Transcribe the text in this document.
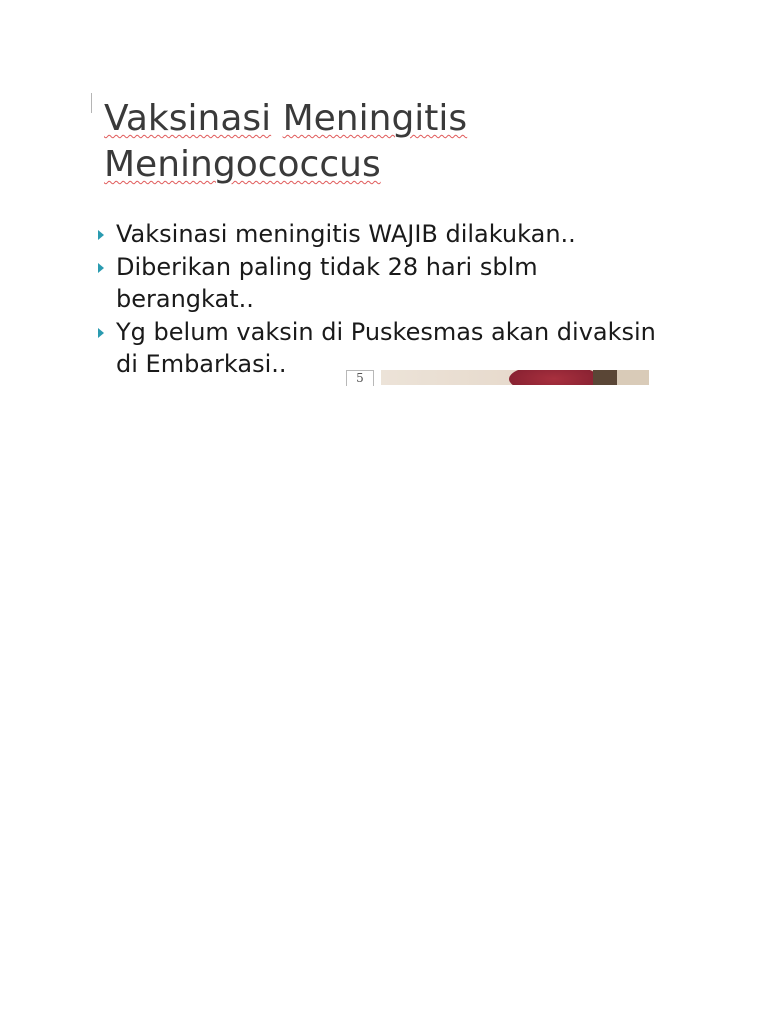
Vaksinasi Meningitis
Meningococcus
Vaksinasi meningitis WAJIB dilakukan..
Diberikan paling tidak 28 hari sblm
berangkat..
Yg belum vaksin di Puskesmas akan divaksin
di Embarkasi..	5
